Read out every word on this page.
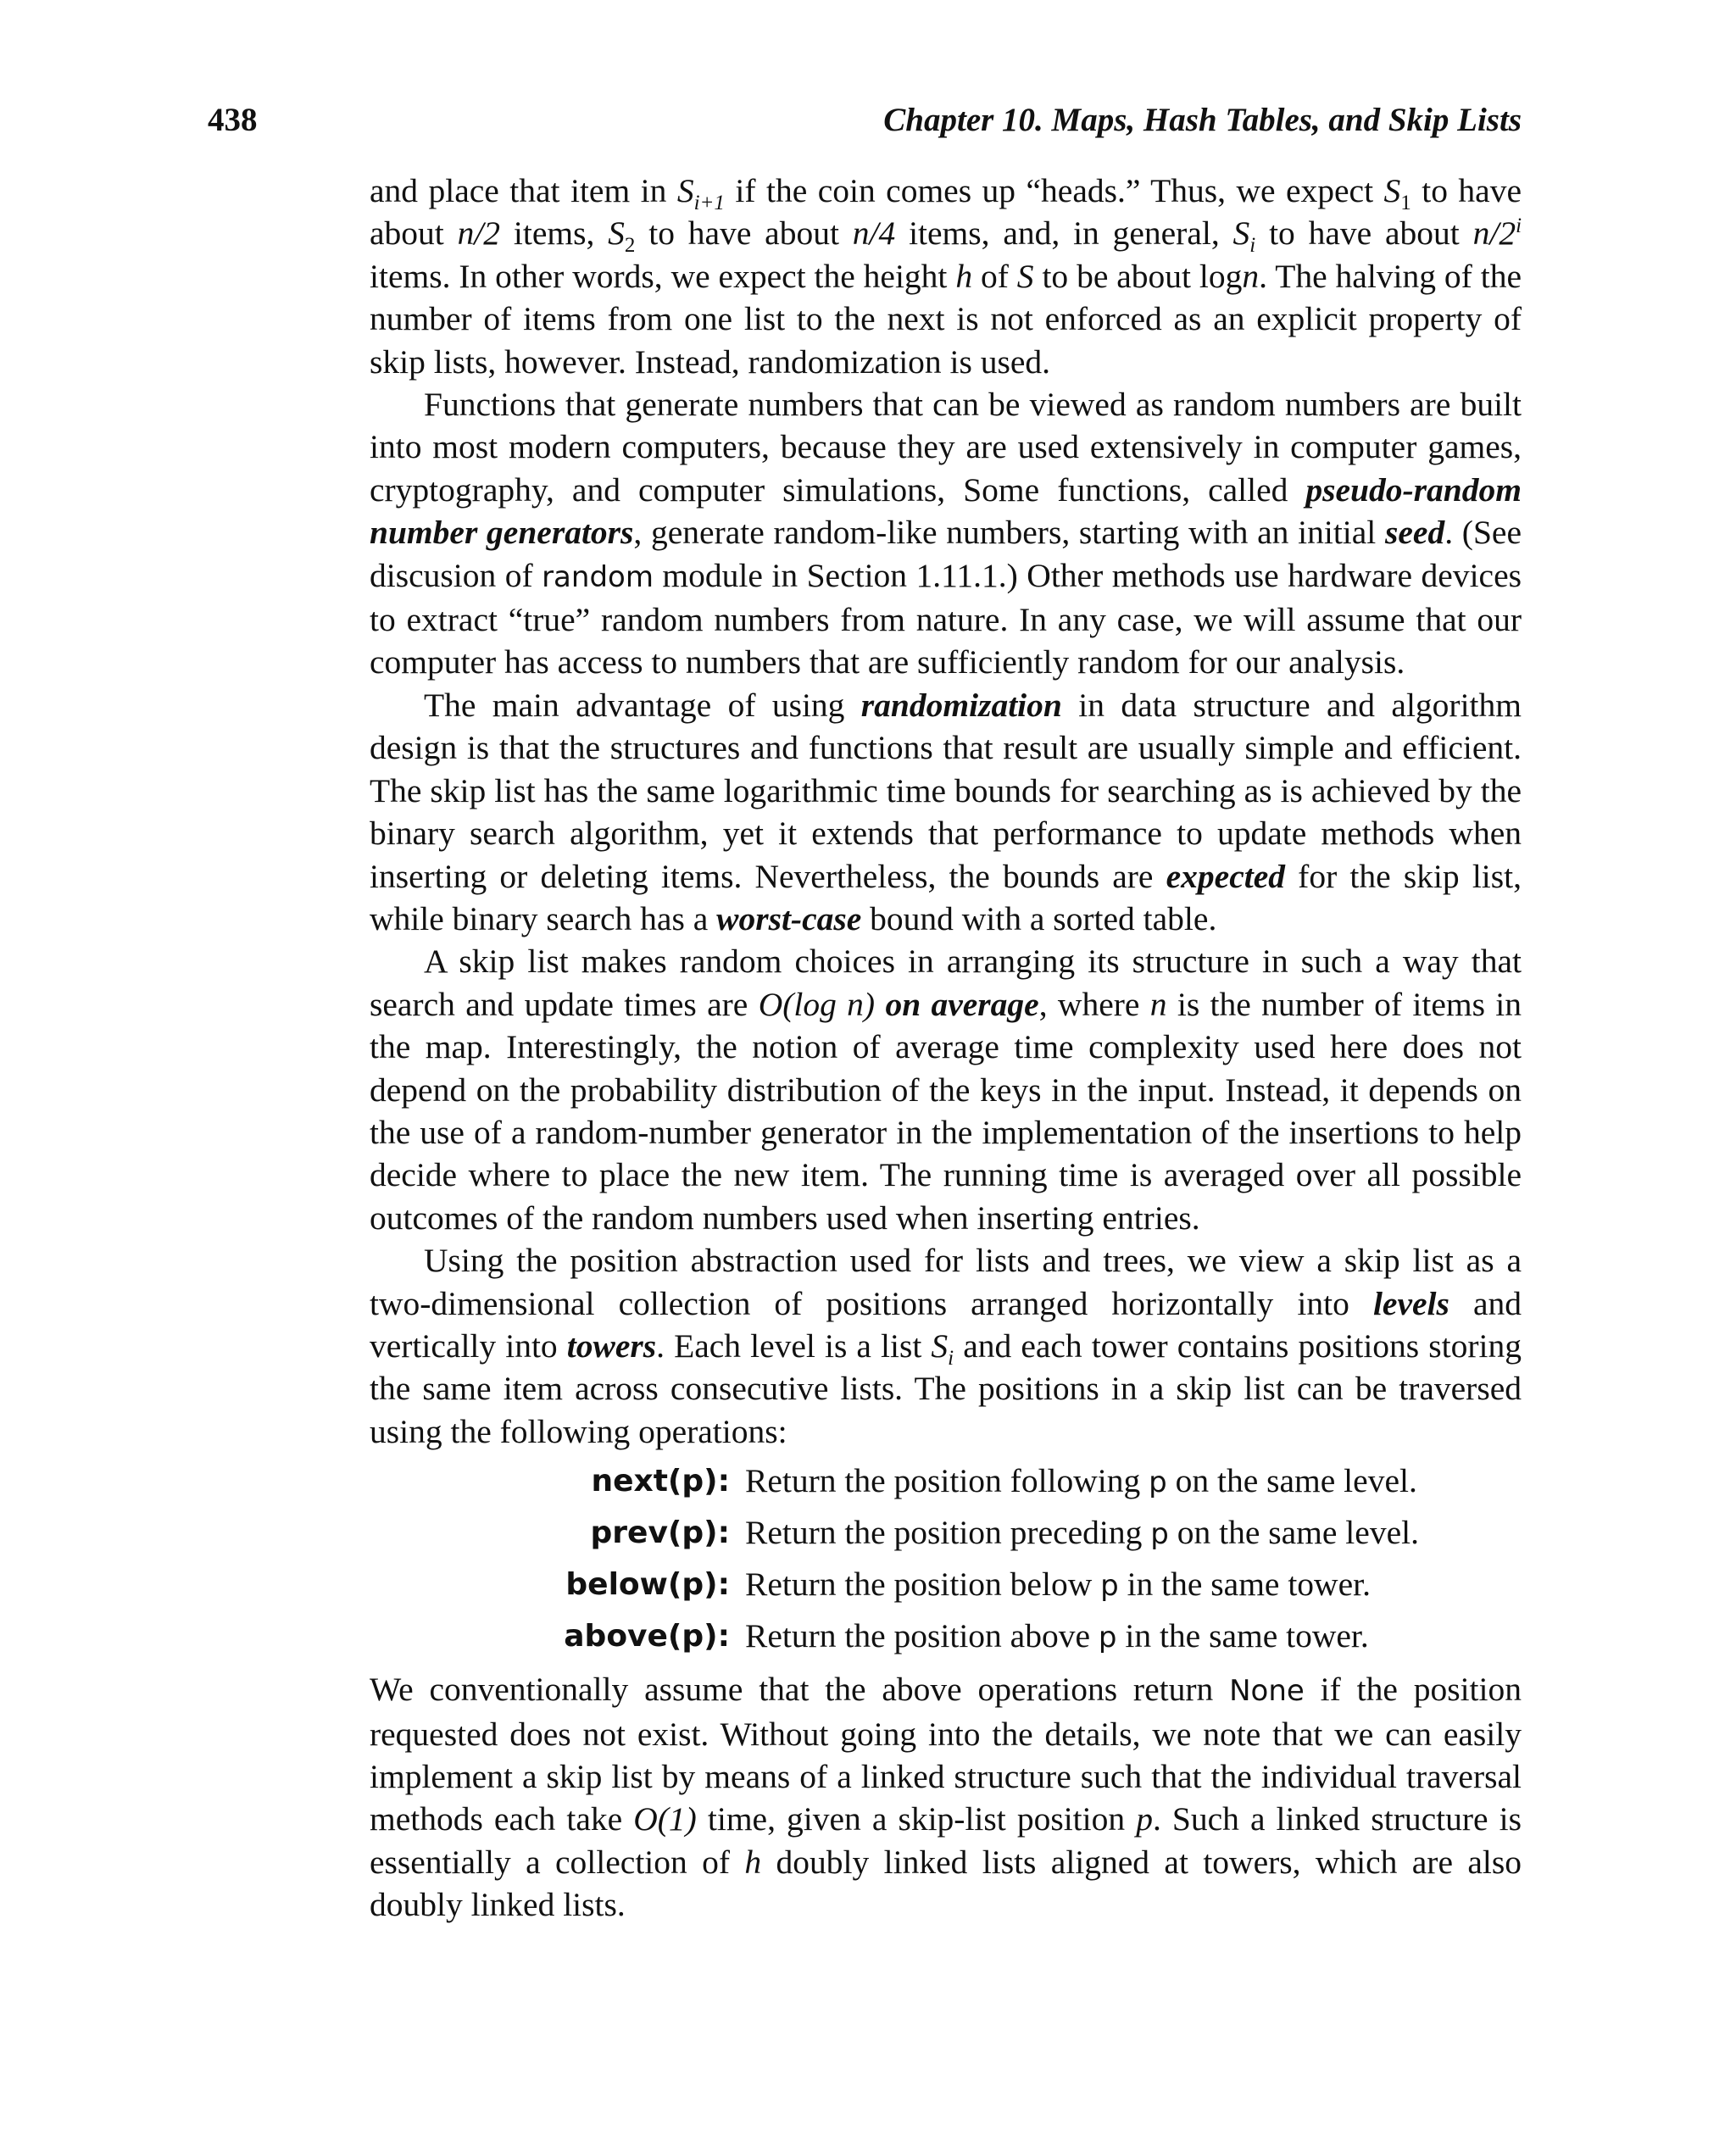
438	Chapter 10. Maps, Hash Tables, and Skip Lists

and place that item in $S_{i+1}$ if the coin comes up “heads.” Thus, we expect $S_1$ to have about n/2 items, $S_2$ to have about n/4 items, and, in general, $S_i$ to have about n/2$^i$ items. In other words, we expect the height h of S to be about logn. The halving of the number of items from one list to the next is not enforced as an explicit property of skip lists, however. Instead, randomization is used.

Functions that generate numbers that can be viewed as random numbers are built into most modern computers, because they are used extensively in computer games, cryptography, and computer simulations, Some functions, called pseudo-random number generators, generate random-like numbers, starting with an initial seed. (See discusion of random module in Section 1.11.1.) Other methods use hardware devices to extract “true” random numbers from nature. In any case, we will assume that our computer has access to numbers that are sufficiently random for our analysis.

The main advantage of using randomization in data structure and algorithm design is that the structures and functions that result are usually simple and efficient. The skip list has the same logarithmic time bounds for searching as is achieved by the binary search algorithm, yet it extends that performance to update methods when inserting or deleting items. Nevertheless, the bounds are expected for the skip list, while binary search has a worst-case bound with a sorted table.

A skip list makes random choices in arranging its structure in such a way that search and update times are O(log n) on average, where n is the number of items in the map. Interestingly, the notion of average time complexity used here does not depend on the probability distribution of the keys in the input. Instead, it depends on the use of a random-number generator in the implementation of the insertions to help decide where to place the new item. The running time is averaged over all possible outcomes of the random numbers used when inserting entries.

Using the position abstraction used for lists and trees, we view a skip list as a two-dimensional collection of positions arranged horizontally into levels and vertically into towers. Each level is a list $S_i$ and each tower contains positions storing the same item across consecutive lists. The positions in a skip list can be traversed using the following operations:

next(p): Return the position following p on the same level.
prev(p): Return the position preceding p on the same level.
below(p): Return the position below p in the same tower.
above(p): Return the position above p in the same tower.

We conventionally assume that the above operations return None if the position requested does not exist. Without going into the details, we note that we can easily implement a skip list by means of a linked structure such that the individual traversal methods each take O(1) time, given a skip-list position p. Such a linked structure is essentially a collection of h doubly linked lists aligned at towers, which are also doubly linked lists.
